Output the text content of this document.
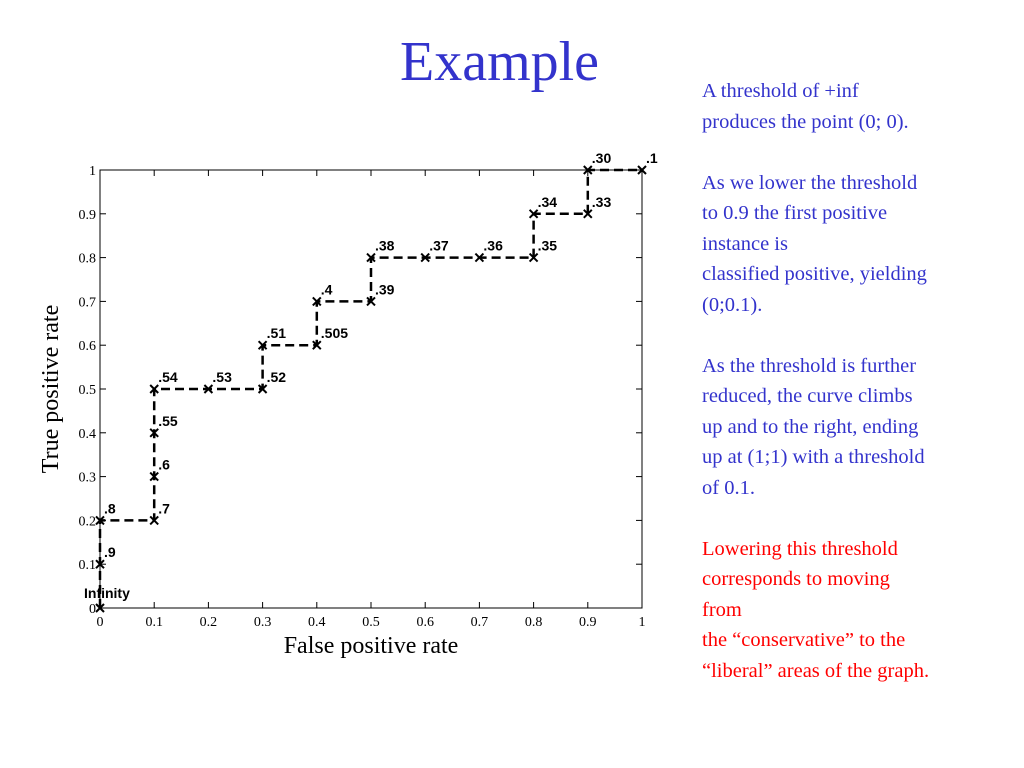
Example
0	0.1	0.2	0.3	0.4	0.5	0.6	0.7	0.8	0.9	1
0
0.1
0.2
0.3
0.4
0.5
0.6
0.7
0.8
0.9
1
Infinity
.9
.8	.7
.6
.55
.54 .53 .52
.51 .505
.4	.39
.38 .37 .36 .35
.34 .33
.30 .1
False positive rate
True positive rate

A threshold of +inf
produces the point (0; 0).

As we lower the threshold
to 0.9 the first positive
instance is
classified positive, yielding
(0;0.1).

As the threshold is further
reduced, the curve climbs
up and to the right, ending
up at (1;1) with a threshold
of 0.1.

Lowering this threshold
corresponds to moving
from
the “conservative” to the
“liberal” areas of the graph.
